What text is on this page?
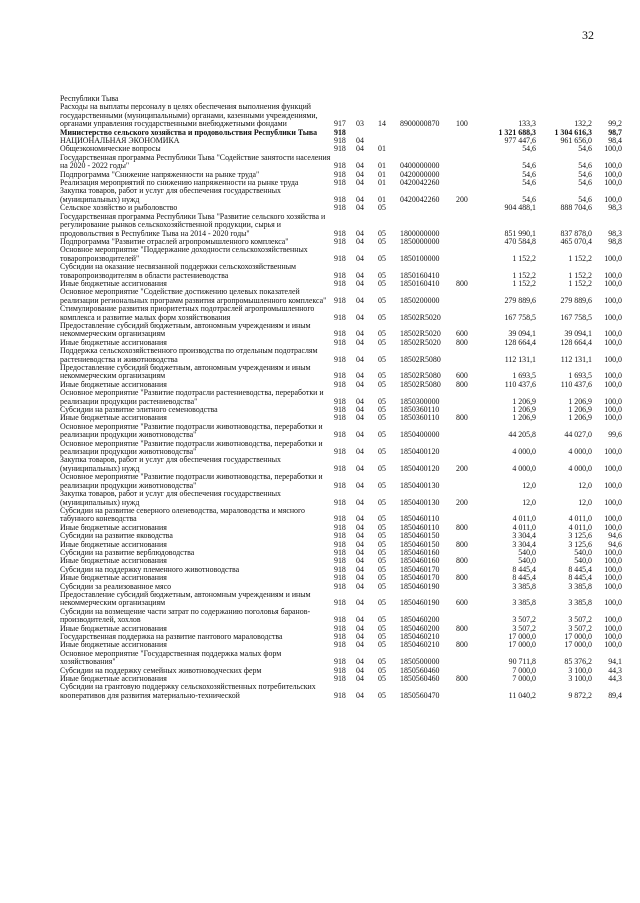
32
Республики Тыва								
Расходы на выплаты персоналу в целях обеспечения выполнения функций государственными (муниципальными) органами, казенными учреждениями, органами управления государственными внебюджетными фондами	917	03	14	8900000870	100	133,3	132,2	99,2
Министерство сельского хозяйства и продовольствия Республики Тыва	918					1 321 688,3	1 304 616,3	98,7
НАЦИОНАЛЬНАЯ ЭКОНОМИКА	918	04				977 447,6	961 656,0	98,4
Общеэкономические вопросы	918	04	01			54,6	54,6	100,0
Государственная программа Республики Тыва "Содействие занятости населения на 2020 - 2022 годы"	918	04	01	0400000000		54,6	54,6	100,0
Подпрограмма "Снижение напряженности на рынке труда"	918	04	01	0420000000		54,6	54,6	100,0
Реализация мероприятий по снижению напряженности на рынке труда	918	04	01	0420042260		54,6	54,6	100,0
Закупка товаров, работ и услуг для обеспечения государственных (муниципальных) нужд	918	04	01	0420042260	200	54,6	54,6	100,0
Сельское хозяйство и рыболовство	918	04	05			904 488,1	888 704,6	98,3
Государственная программа Республики Тыва "Развитие сельского хозяйства и регулирование рынков сельскохозяйственной продукции, сырья и продовольствия в Республике Тыва на 2014 - 2020 годы"	918	04	05	1800000000		851 990,1	837 878,0	98,3
Подпрограмма "Развитие отраслей агропромышленного комплекса"	918	04	05	1850000000		470 584,8	465 070,4	98,8
Основное мероприятие "Поддержание доходности сельскохозяйственных товаропроизводителей"	918	04	05	1850100000		1 152,2	1 152,2	100,0
Субсидии на оказание несвязанной поддержки сельскохозяйственным товаропроизводителям в области растениеводства	918	04	05	1850160410		1 152,2	1 152,2	100,0
Иные бюджетные ассигнования	918	04	05	1850160410	800	1 152,2	1 152,2	100,0
Основное мероприятие "Содействие достижению целевых показателей реализации региональных программ развития агропромышленного комплекса"	918	04	05	1850200000		279 889,6	279 889,6	100,0
Стимулирование развития приоритетных подотраслей агропромышленного комплекса и развитие малых форм хозяйствования	918	04	05	18502R5020		167 758,5	167 758,5	100,0
Предоставление субсидий бюджетным, автономным учреждениям и иным некоммерческим организациям	918	04	05	18502R5020	600	39 094,1	39 094,1	100,0
Иные бюджетные ассигнования	918	04	05	18502R5020	800	128 664,4	128 664,4	100,0
Поддержка сельскохозяйственного производства по отдельным подотраслям растениеводства и животноводства	918	04	05	18502R5080		112 131,1	112 131,1	100,0
Предоставление субсидий бюджетным, автономным учреждениям и иным некоммерческим организациям	918	04	05	18502R5080	600	1 693,5	1 693,5	100,0
Иные бюджетные ассигнования	918	04	05	18502R5080	800	110 437,6	110 437,6	100,0
Основное мероприятие "Развитие подотрасли растениеводства, переработки и реализации продукции растениеводства"	918	04	05	1850300000		1 206,9	1 206,9	100,0
Субсидии на развитие элитного семеноводства	918	04	05	1850360110		1 206,9	1 206,9	100,0
Иные бюджетные ассигнования	918	04	05	1850360110	800	1 206,9	1 206,9	100,0
Основное мероприятие "Развитие подотрасли животноводства, переработки и реализации продукции животноводства"	918	04	05	1850400000		44 205,8	44 027,0	99,6
Основное мероприятие "Развитие подотрасли животноводства, переработки и реализации продукции животноводства"	918	04	05	1850400120		4 000,0	4 000,0	100,0
Закупка товаров, работ и услуг для обеспечения государственных (муниципальных) нужд	918	04	05	1850400120	200	4 000,0	4 000,0	100,0
Основное мероприятие "Развитие подотрасли животноводства, переработки и реализации продукции животноводства"	918	04	05	1850400130		12,0	12,0	100,0
Закупка товаров, работ и услуг для обеспечения государственных (муниципальных) нужд	918	04	05	1850400130	200	12,0	12,0	100,0
Субсидии на развитие северного оленеводства, мараловодства и мясного табунного коневодства	918	04	05	1850460110		4 011,0	4 011,0	100,0
Иные бюджетные ассигнования	918	04	05	1850460110	800	4 011,0	4 011,0	100,0
Субсидии на развитие яководства	918	04	05	1850460150		3 304,4	3 125,6	94,6
Иные бюджетные ассигнования	918	04	05	1850460150	800	3 304,4	3 125,6	94,6
Субсидии на развитие верблюдоводства	918	04	05	1850460160		540,0	540,0	100,0
Иные бюджетные ассигнования	918	04	05	1850460160	800	540,0	540,0	100,0
Субсидии на поддержку племенного животноводства	918	04	05	1850460170		8 445,4	8 445,4	100,0
Иные бюджетные ассигнования	918	04	05	1850460170	800	8 445,4	8 445,4	100,0
Субсидии за реализованное мясо	918	04	05	1850460190		3 385,8	3 385,8	100,0
Предоставление субсидий бюджетным, автономным учреждениям и иным некоммерческим организациям	918	04	05	1850460190	600	3 385,8	3 385,8	100,0
Субсидии на возмещение части затрат по содержанию поголовья баранов-производителей, хохлов	918	04	05	1850460200		3 507,2	3 507,2	100,0
Иные бюджетные ассигнования	918	04	05	1850460200	800	3 507,2	3 507,2	100,0
Государственная поддержка на развитие пантового мараловодства	918	04	05	1850460210		17 000,0	17 000,0	100,0
Иные бюджетные ассигнования	918	04	05	1850460210	800	17 000,0	17 000,0	100,0
Основное мероприятие "Государственная поддержка малых форм хозяйствования"	918	04	05	1850500000		90 711,8	85 376,2	94,1
Субсидии на поддержку семейных животноводческих ферм	918	04	05	1850560460		7 000,0	3 100,0	44,3
Иные бюджетные ассигнования	918	04	05	1850560460	800	7 000,0	3 100,0	44,3
Субсидии на грантовую поддержку сельскохозяйственных потребительских кооперативов для развития материально-технической	918	04	05	1850560470		11 040,2	9 872,2	89,4
